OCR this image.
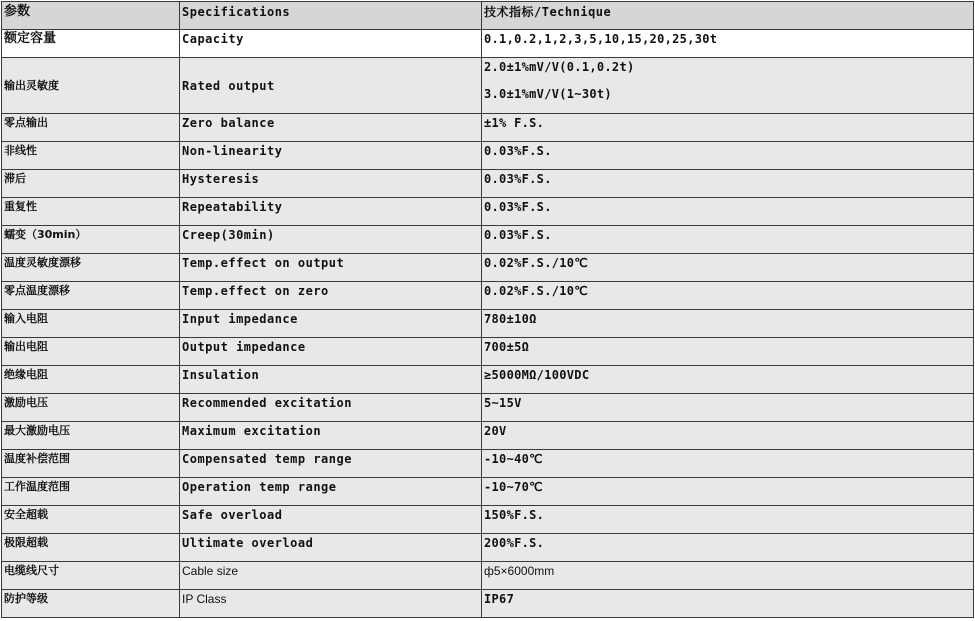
参数	Specifications	技术指标/Technique
额定容量	Capacity	0.1,0.2,1,2,3,5,10,15,20,25,30t
输出灵敏度	Rated output	2.0±1%mV/V(0.1,0.2t)
3.0±1%mV/V(1~30t)

零点输出	Zero balance	±1% F.S.
非线性	Non-linearity	0.03%F.S.
滞后	Hysteresis	0.03%F.S.
重复性	Repeatability	0.03%F.S.
蠕变（30min）	Creep(30min)	0.03%F.S.
温度灵敏度漂移	Temp.effect on output	0.02%F.S./10℃
零点温度漂移	Temp.effect on zero	0.02%F.S./10℃
输入电阻	Input impedance	780±10Ω
输出电阻	Output impedance	700±5Ω
绝缘电阻	Insulation	≥5000MΩ/100VDC
激励电压	Recommended excitation	5~15V
最大激励电压	Maximum excitation	20V
温度补偿范围	Compensated temp range	-10~40℃
工作温度范围	Operation temp range	-10~70℃
安全超载	Safe overload	150%F.S.
极限超载	Ultimate overload	200%F.S.
电缆线尺寸	Cable size	ф5×6000mm
防护等级	IP Class	IP67
